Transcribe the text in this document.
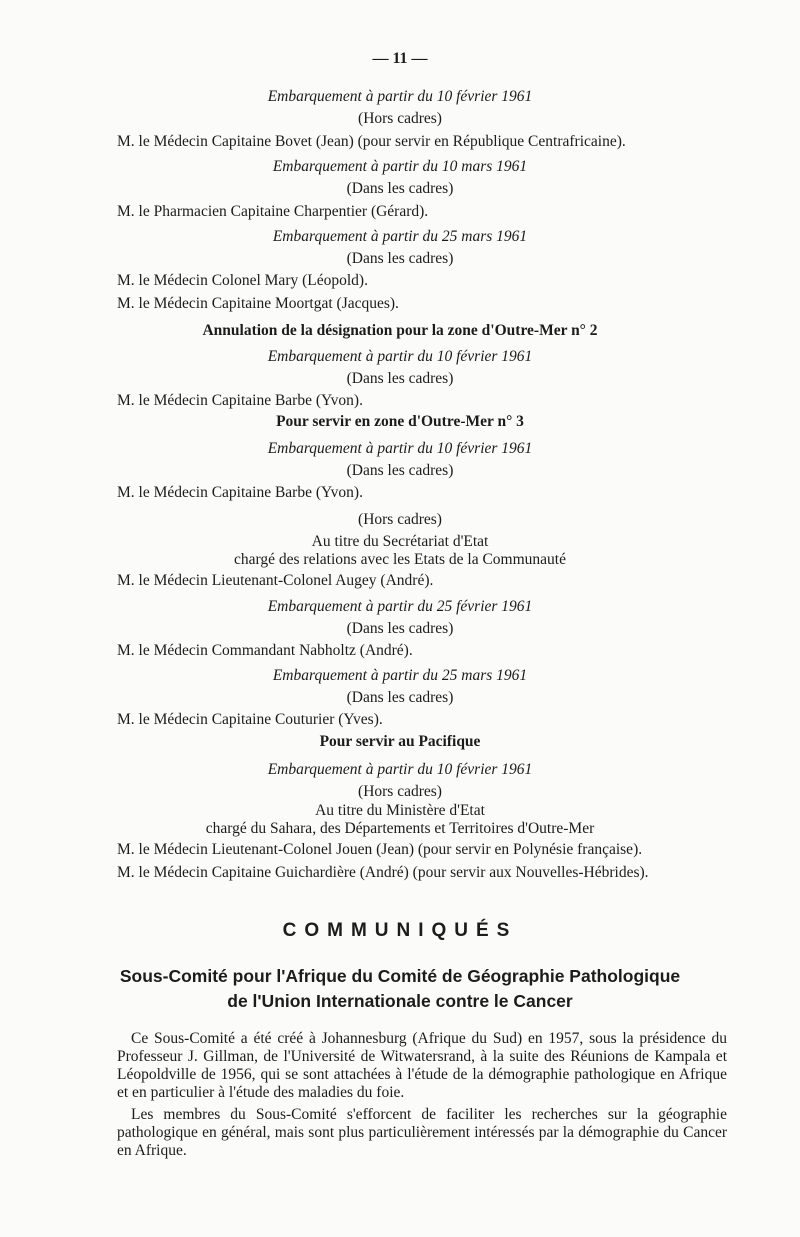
— 11 —
Embarquement à partir du 10 février 1961
(Hors cadres)
M. le Médecin Capitaine Bovet (Jean) (pour servir en République Centrafricaine).
Embarquement à partir du 10 mars 1961
(Dans les cadres)
M. le Pharmacien Capitaine Charpentier (Gérard).
Embarquement à partir du 25 mars 1961
(Dans les cadres)
M. le Médecin Colonel Mary (Léopold).
M. le Médecin Capitaine Moortgat (Jacques).
Annulation de la désignation pour la zone d'Outre-Mer n° 2
Embarquement à partir du 10 février 1961
(Dans les cadres)
M. le Médecin Capitaine Barbe (Yvon).
Pour servir en zone d'Outre-Mer n° 3
Embarquement à partir du 10 février 1961
(Dans les cadres)
M. le Médecin Capitaine Barbe (Yvon).
(Hors cadres)
Au titre du Secrétariat d'Etat
chargé des relations avec les Etats de la Communauté
M. le Médecin Lieutenant-Colonel Augey (André).
Embarquement à partir du 25 février 1961
(Dans les cadres)
M. le Médecin Commandant Nabholtz (André).
Embarquement à partir du 25 mars 1961
(Dans les cadres)
M. le Médecin Capitaine Couturier (Yves).
Pour servir au Pacifique
Embarquement à partir du 10 février 1961
(Hors cadres)
Au titre du Ministère d'Etat
chargé du Sahara, des Départements et Territoires d'Outre-Mer
M. le Médecin Lieutenant-Colonel Jouen (Jean) (pour servir en Polynésie française).
M. le Médecin Capitaine Guichardière (André) (pour servir aux Nouvelles-Hébrides).
COMMUNIQUÉS
Sous-Comité pour l'Afrique du Comité de Géographie Pathologique
de l'Union Internationale contre le Cancer

Ce Sous-Comité a été créé à Johannesburg (Afrique du Sud) en 1957, sous la présidence du Professeur J. Gillman, de l'Université de Witwatersrand, à la suite des Réunions de Kampala et Léopoldville de 1956, qui se sont attachées à l'étude de la démographie pathologique en Afrique et en particulier à l'étude des maladies du foie.

Les membres du Sous-Comité s'efforcent de faciliter les recherches sur la géographie pathologique en général, mais sont plus particulièrement intéressés par la démographie du Cancer en Afrique.
